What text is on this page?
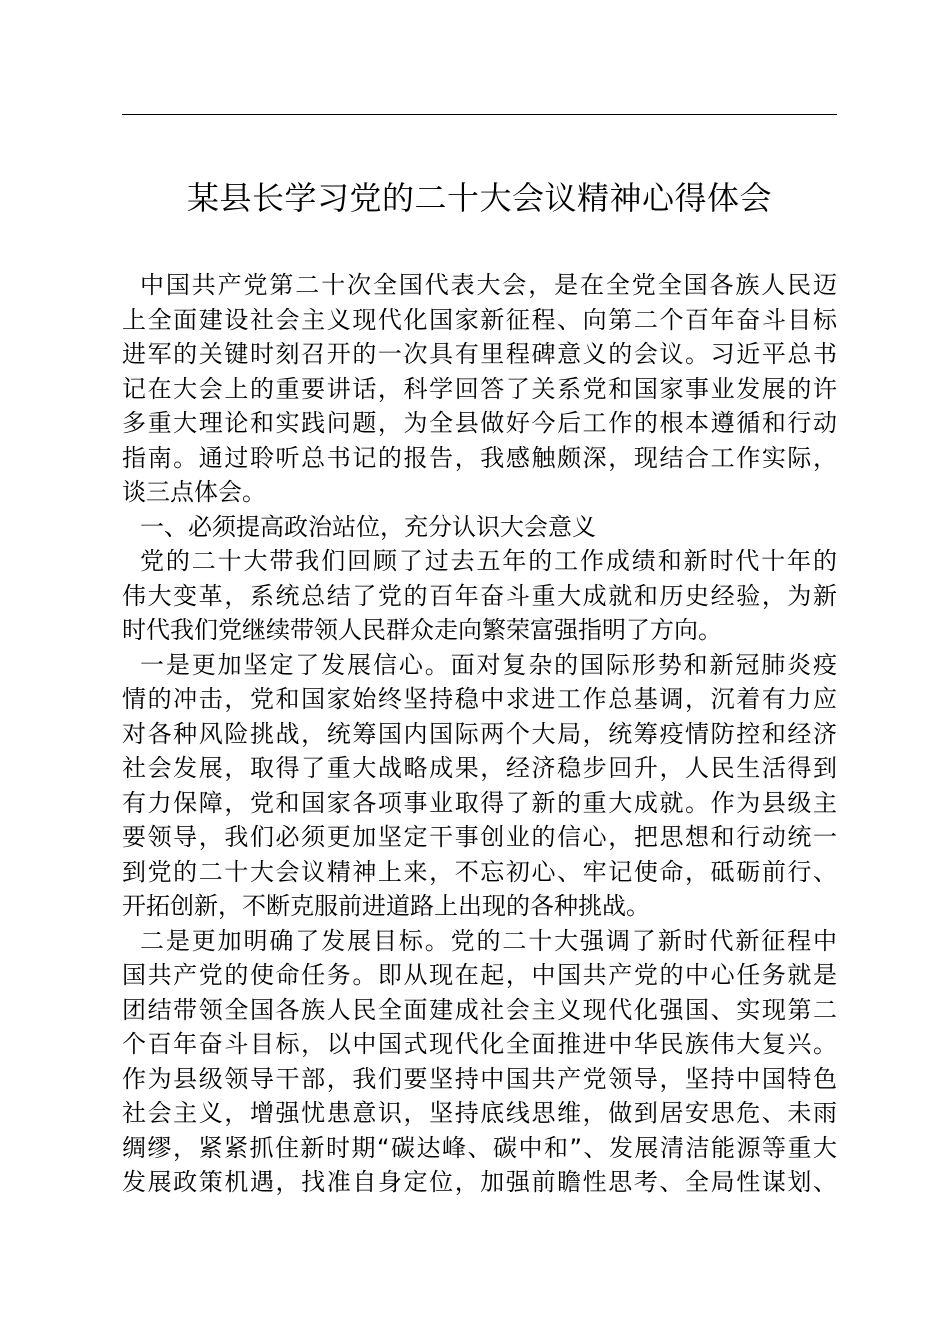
某县长学习党的二十大会议精神心得体会
中国共产党第二十次全国代表大会，是在全党全国各族人民迈
上全面建设社会主义现代化国家新征程、向第二个百年奋斗目标
进军的关键时刻召开的一次具有里程碑意义的会议。习近平总书
记在大会上的重要讲话，科学回答了关系党和国家事业发展的许
多重大理论和实践问题，为全县做好今后工作的根本遵循和行动
指南。通过聆听总书记的报告，我感触颇深，现结合工作实际，
谈三点体会。
一、必须提高政治站位，充分认识大会意义
党的二十大带我们回顾了过去五年的工作成绩和新时代十年的
伟大变革，系统总结了党的百年奋斗重大成就和历史经验，为新
时代我们党继续带领人民群众走向繁荣富强指明了方向。
一是更加坚定了发展信心。面对复杂的国际形势和新冠肺炎疫
情的冲击，党和国家始终坚持稳中求进工作总基调，沉着有力应
对各种风险挑战，统筹国内国际两个大局，统筹疫情防控和经济
社会发展，取得了重大战略成果，经济稳步回升，人民生活得到
有力保障，党和国家各项事业取得了新的重大成就。作为县级主
要领导，我们必须更加坚定干事创业的信心，把思想和行动统一
到党的二十大会议精神上来，不忘初心、牢记使命，砥砺前行、
开拓创新，不断克服前进道路上出现的各种挑战。
二是更加明确了发展目标。党的二十大强调了新时代新征程中
国共产党的使命任务。即从现在起，中国共产党的中心任务就是
团结带领全国各族人民全面建成社会主义现代化强国、实现第二
个百年奋斗目标，以中国式现代化全面推进中华民族伟大复兴。
作为县级领导干部，我们要坚持中国共产党领导，坚持中国特色
社会主义，增强忧患意识，坚持底线思维，做到居安思危、未雨
绸缪，紧紧抓住新时期“碳达峰、碳中和”、发展清洁能源等重大
发展政策机遇，找准自身定位，加强前瞻性思考、全局性谋划、
